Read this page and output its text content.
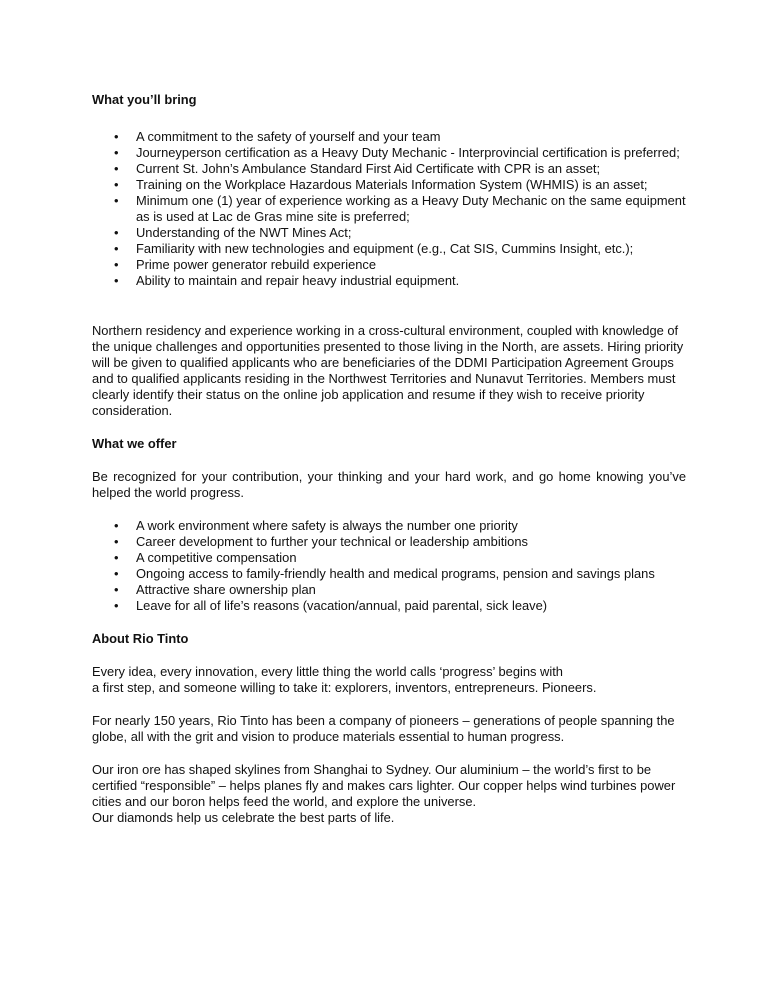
What you’ll bring

• A commitment to the safety of yourself and your team
• Journeyperson certification as a Heavy Duty Mechanic - Interprovincial certification is preferred;
• Current St. John’s Ambulance Standard First Aid Certificate with CPR is an asset;
• Training on the Workplace Hazardous Materials Information System (WHMIS) is an asset;
• Minimum one (1) year of experience working as a Heavy Duty Mechanic on the same equipment as is used at Lac de Gras mine site is preferred;
• Understanding of the NWT Mines Act;
• Familiarity with new technologies and equipment (e.g., Cat SIS, Cummins Insight, etc.);
• Prime power generator rebuild experience
• Ability to maintain and repair heavy industrial equipment.

Northern residency and experience working in a cross-cultural environment, coupled with knowledge of the unique challenges and opportunities presented to those living in the North, are assets. Hiring priority will be given to qualified applicants who are beneficiaries of the DDMI Participation Agreement Groups and to qualified applicants residing in the Northwest Territories and Nunavut Territories. Members must clearly identify their status on the online job application and resume if they wish to receive priority consideration.

What we offer

Be recognized for your contribution, your thinking and your hard work, and go home knowing you’ve helped the world progress.

• A work environment where safety is always the number one priority
• Career development to further your technical or leadership ambitions
• A competitive compensation
• Ongoing access to family-friendly health and medical programs, pension and savings plans
• Attractive share ownership plan
• Leave for all of life’s reasons (vacation/annual, paid parental, sick leave)

About Rio Tinto

Every idea, every innovation, every little thing the world calls ‘progress’ begins with
a first step, and someone willing to take it: explorers, inventors, entrepreneurs. Pioneers.

For nearly 150 years, Rio Tinto has been a company of pioneers – generations of people spanning the globe, all with the grit and vision to produce materials essential to human progress.

Our iron ore has shaped skylines from Shanghai to Sydney. Our aluminium – the world’s first to be certified “responsible” – helps planes fly and makes cars lighter. Our copper helps wind turbines power cities and our boron helps feed the world, and explore the universe.
Our diamonds help us celebrate the best parts of life.
